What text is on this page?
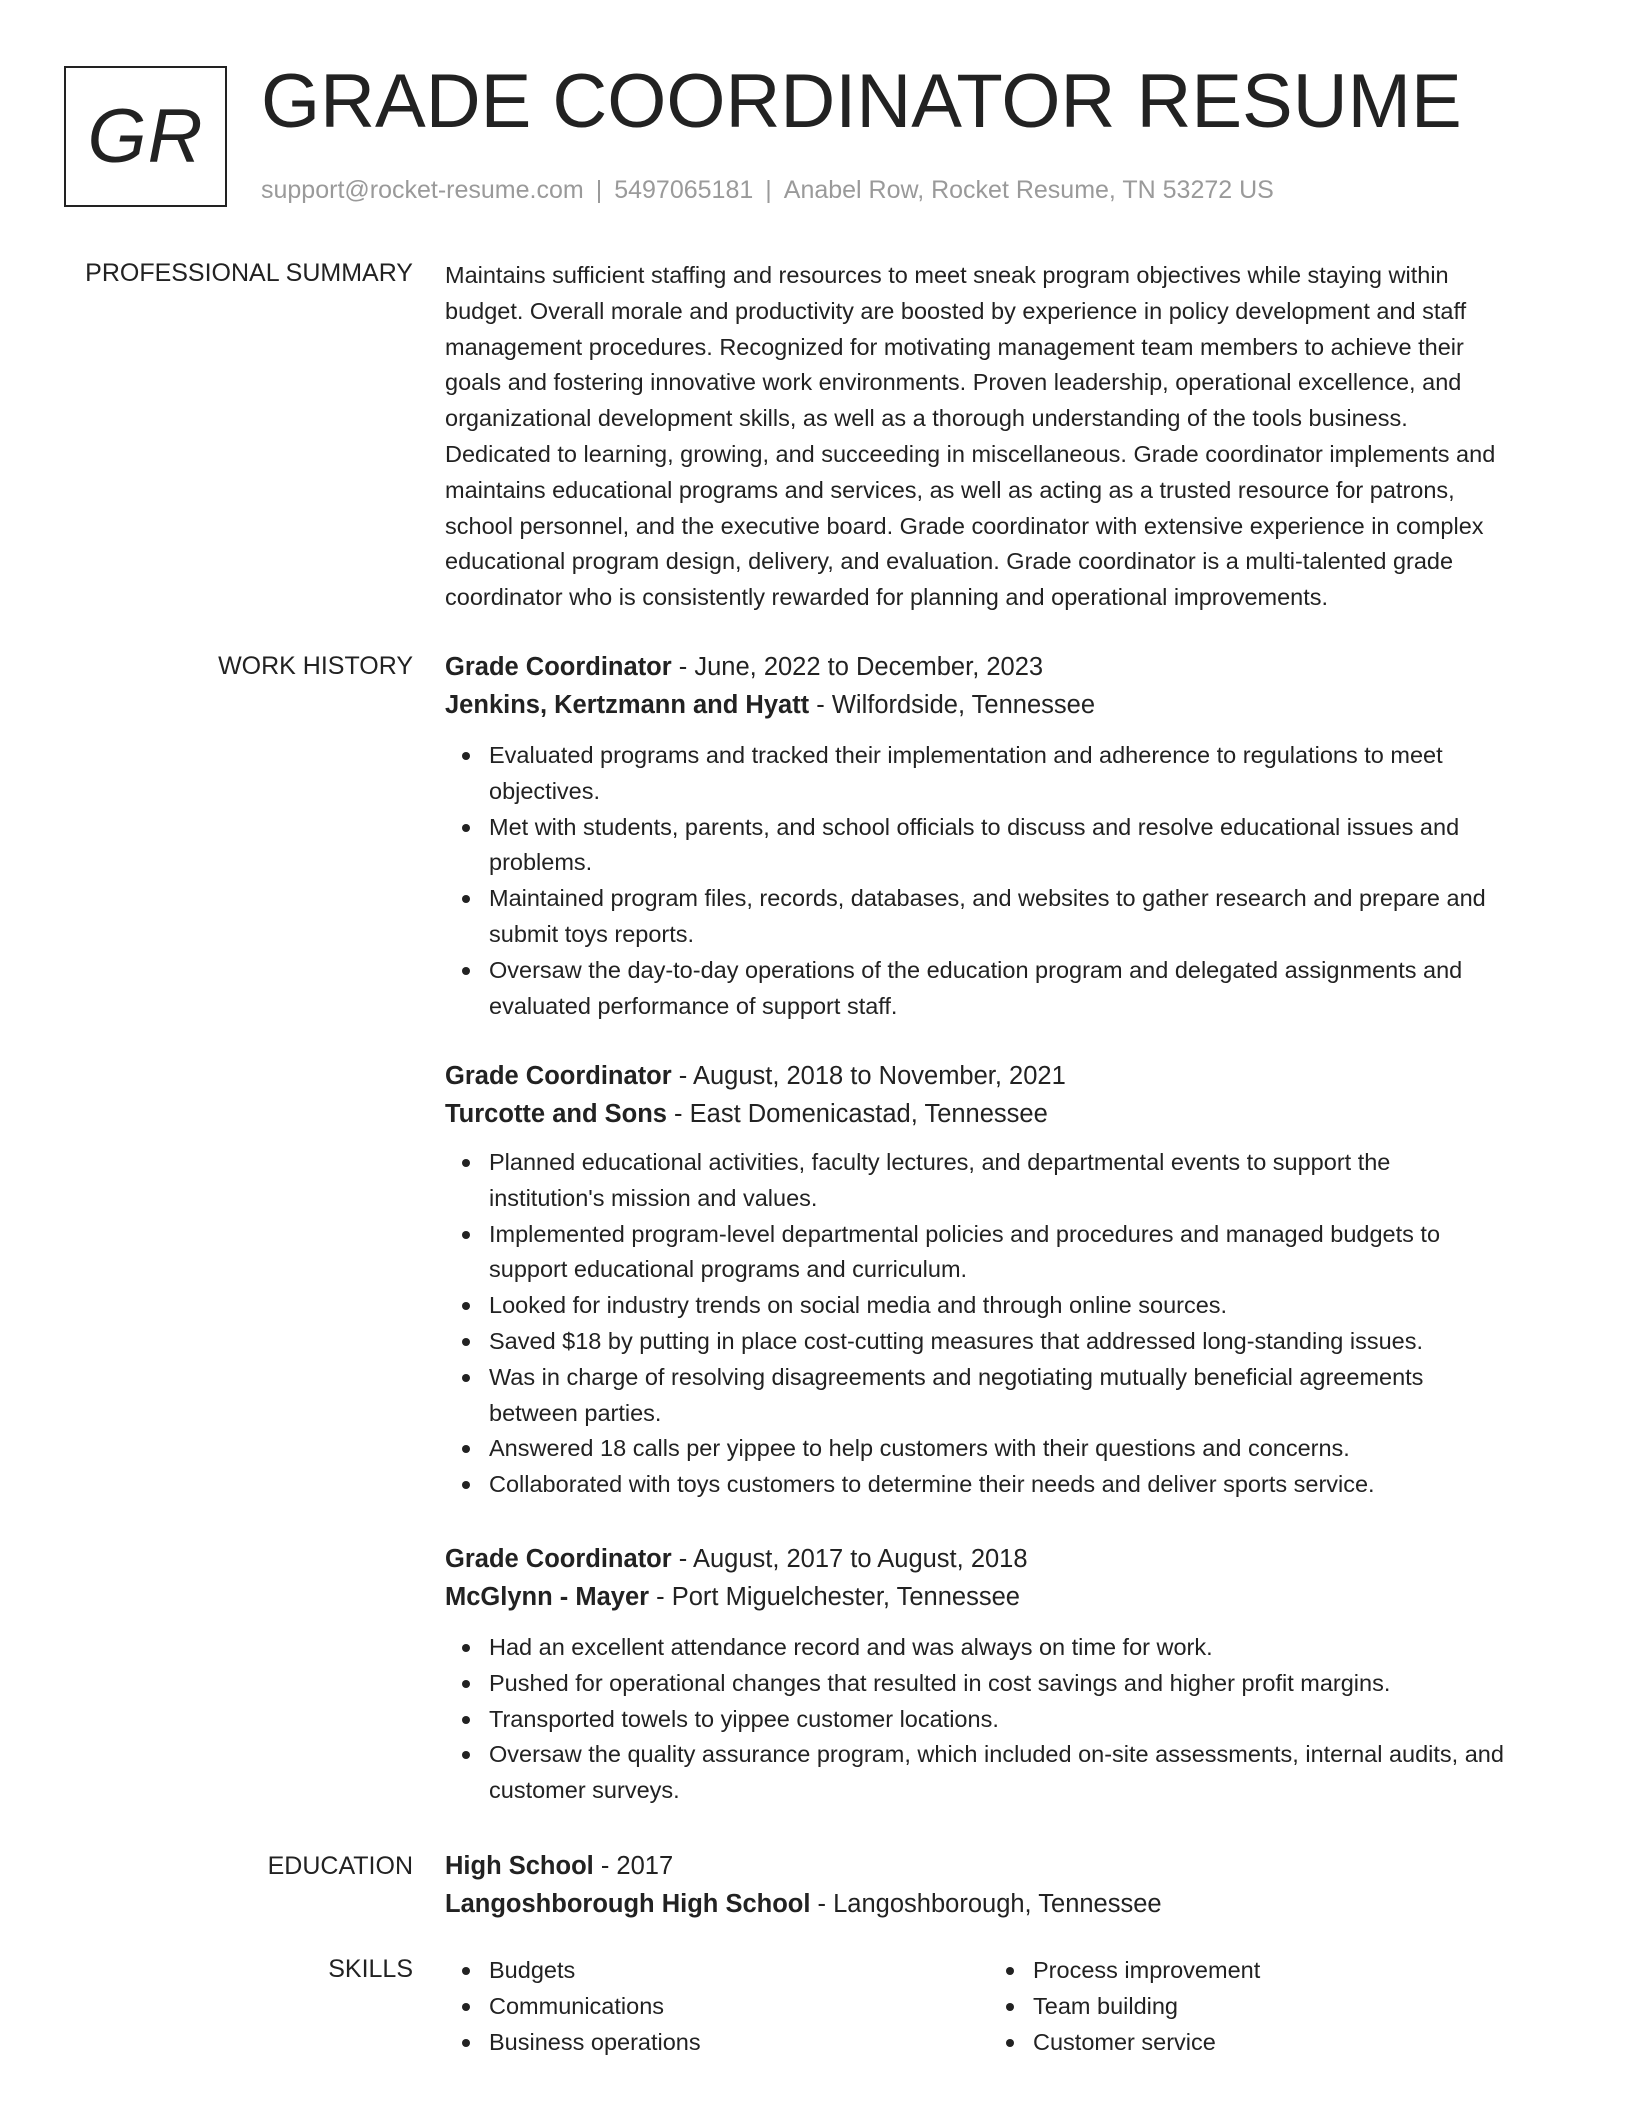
GR GRADE COORDINATOR RESUME
support@rocket-resume.com | 5497065181 | Anabel Row, Rocket Resume, TN 53272 US
PROFESSIONAL SUMMARY Maintains sufficient staffing and resources to meet sneak program objectives while staying within
budget. Overall morale and productivity are boosted by experience in policy development and staff
management procedures. Recognized for motivating management team members to achieve their
goals and fostering innovative work environments. Proven leadership, operational excellence, and
organizational development skills, as well as a thorough understanding of the tools business.
Dedicated to learning, growing, and succeeding in miscellaneous. Grade coordinator implements and
maintains educational programs and services, as well as acting as a trusted resource for patrons,
school personnel, and the executive board. Grade coordinator with extensive experience in complex
educational program design, delivery, and evaluation. Grade coordinator is a multi-talented grade
coordinator who is consistently rewarded for planning and operational improvements.
WORK HISTORY Grade Coordinator - June, 2022 to December, 2023
Jenkins, Kertzmann and Hyatt - Wilfordside, Tennessee
Evaluated programs and tracked their implementation and adherence to regulations to meet
objectives.
Met with students, parents, and school officials to discuss and resolve educational issues and
problems.
Maintained program files, records, databases, and websites to gather research and prepare and
submit toys reports.
Oversaw the day-to-day operations of the education program and delegated assignments and
evaluated performance of support staff.
Grade Coordinator - August, 2018 to November, 2021
Turcotte and Sons - East Domenicastad, Tennessee
Planned educational activities, faculty lectures, and departmental events to support the
institution's mission and values.
Implemented program-level departmental policies and procedures and managed budgets to
support educational programs and curriculum.
Looked for industry trends on social media and through online sources.
Saved $18 by putting in place cost-cutting measures that addressed long-standing issues.
Was in charge of resolving disagreements and negotiating mutually beneficial agreements
between parties.
Answered 18 calls per yippee to help customers with their questions and concerns.
Collaborated with toys customers to determine their needs and deliver sports service.
Grade Coordinator - August, 2017 to August, 2018
McGlynn - Mayer - Port Miguelchester, Tennessee
Had an excellent attendance record and was always on time for work.
Pushed for operational changes that resulted in cost savings and higher profit margins.
Transported towels to yippee customer locations.
Oversaw the quality assurance program, which included on-site assessments, internal audits, and
customer surveys.
EDUCATION High School - 2017
Langoshborough High School - Langoshborough, Tennessee
SKILLS	Budgets
Communications
Business operations
Process improvement
Team building
Customer service
